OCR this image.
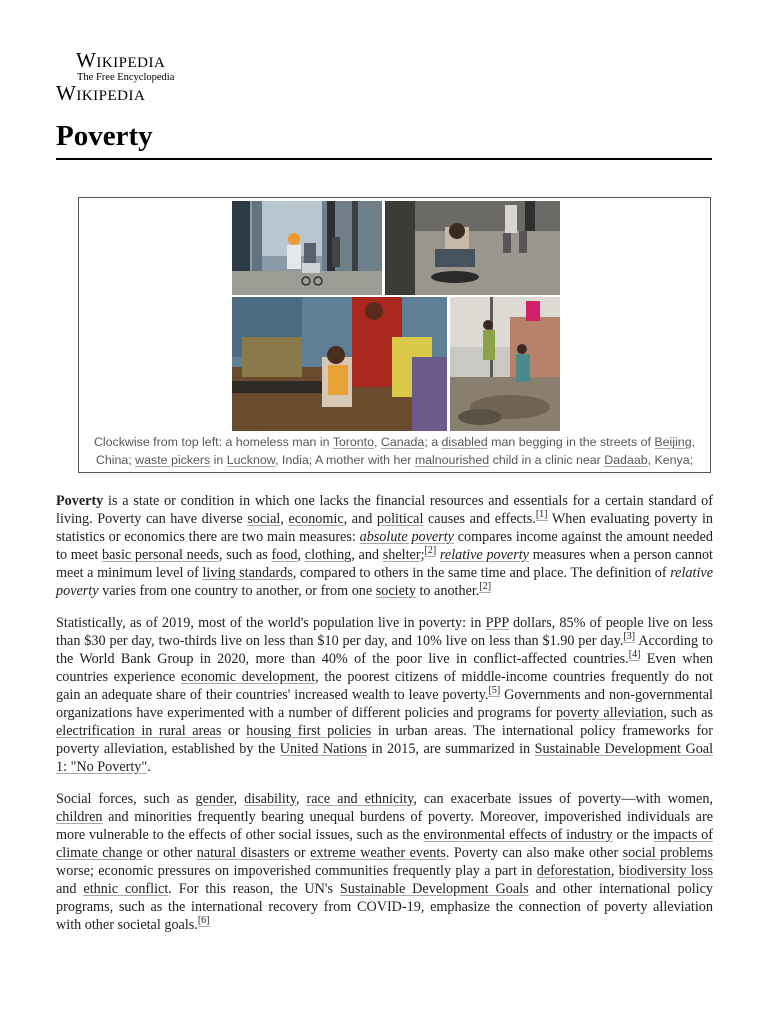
Wikipedia
The Free Encyclopedia
Wikipedia
Poverty
Clockwise from top left: a homeless man in Toronto, Canada; a disabled man begging in the streets of Beijing, China; waste pickers in Lucknow, India; A mother with her malnourished child in a clinic near Dadaab, Kenya;

Poverty is a state or condition in which one lacks the financial resources and essentials for a certain standard of living. Poverty can have diverse social, economic, and political causes and effects.[1] When evaluating poverty in statistics or economics there are two main measures: absolute poverty compares income against the amount needed to meet basic personal needs, such as food, clothing, and shelter;[2] relative poverty measures when a person cannot meet a minimum level of living standards, compared to others in the same time and place. The definition of relative poverty varies from one country to another, or from one society to another.[2]

Statistically, as of 2019, most of the world's population live in poverty: in PPP dollars, 85% of people live on less than $30 per day, two-thirds live on less than $10 per day, and 10% live on less than $1.90 per day.[3] According to the World Bank Group in 2020, more than 40% of the poor live in conflict-affected countries.[4] Even when countries experience economic development, the poorest citizens of middle-income countries frequently do not gain an adequate share of their countries' increased wealth to leave poverty.[5] Governments and non-governmental organizations have experimented with a number of different policies and programs for poverty alleviation, such as electrification in rural areas or housing first policies in urban areas. The international policy frameworks for poverty alleviation, established by the United Nations in 2015, are summarized in Sustainable Development Goal 1: "No Poverty".

Social forces, such as gender, disability, race and ethnicity, can exacerbate issues of poverty—with women, children and minorities frequently bearing unequal burdens of poverty. Moreover, impoverished individuals are more vulnerable to the effects of other social issues, such as the environmental effects of industry or the impacts of climate change or other natural disasters or extreme weather events. Poverty can also make other social problems worse; economic pressures on impoverished communities frequently play a part in deforestation, biodiversity loss and ethnic conflict. For this reason, the UN's Sustainable Development Goals and other international policy programs, such as the international recovery from COVID-19, emphasize the connection of poverty alleviation with other societal goals.[6]
